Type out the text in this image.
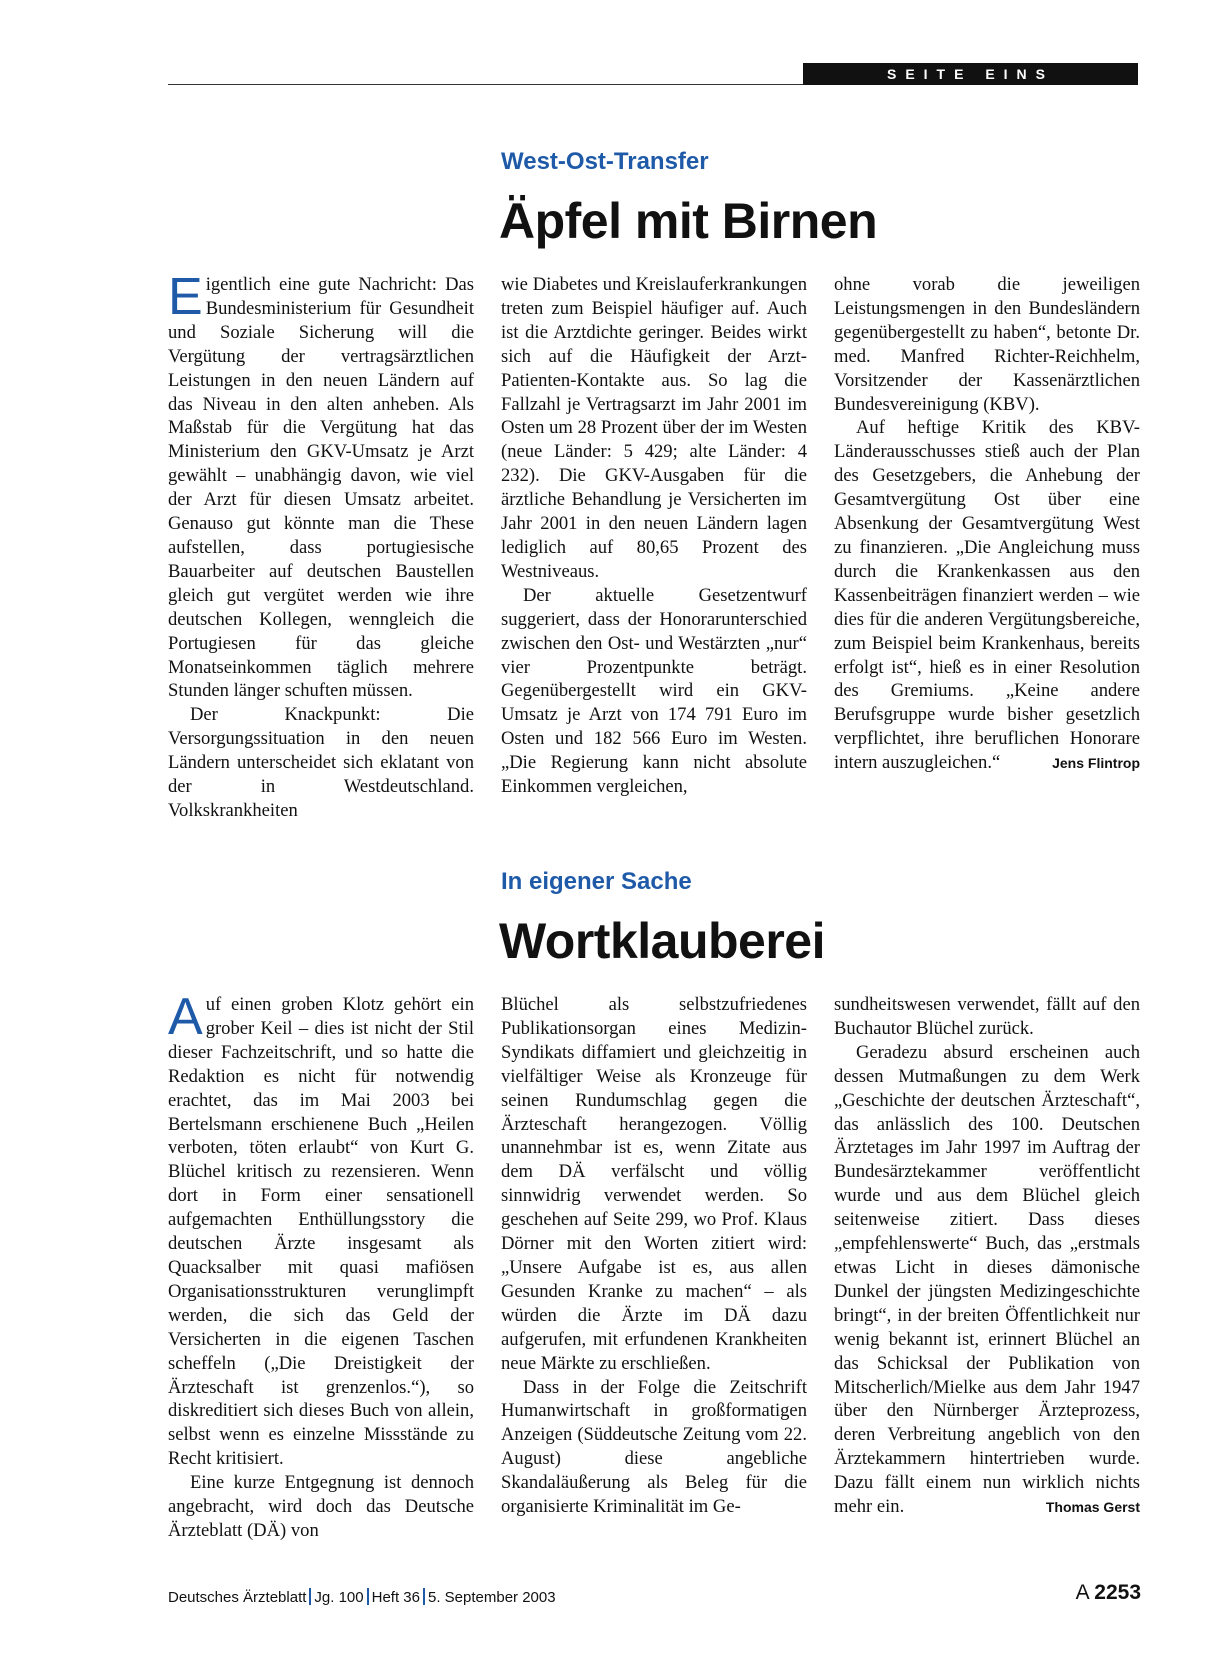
SEITE EINS
West-Ost-Transfer
Äpfel mit Birnen

Eigentlich eine gute Nachricht: Das Bundesministerium für Gesundheit und Soziale Sicherung will die Vergütung der vertragsärztlichen Leistungen in den neuen Ländern auf das Niveau in den alten anheben. Als Maßstab für die Vergütung hat das Ministerium den GKV-Umsatz je Arzt gewählt – unabhängig davon, wie viel der Arzt für diesen Umsatz arbeitet. Genauso gut könnte man die These aufstellen, dass portugiesische Bauarbeiter auf deutschen Baustellen gleich gut vergütet werden wie ihre deutschen Kollegen, wenngleich die Portugiesen für das gleiche Monatseinkommen täglich mehrere Stunden länger schuften müssen.

Der Knackpunkt: Die Versorgungssituation in den neuen Ländern unterscheidet sich eklatant von der in Westdeutschland. Volkskrankheiten

wie Diabetes und Kreislauferkrankungen treten zum Beispiel häufiger auf. Auch ist die Arztdichte geringer. Beides wirkt sich auf die Häufigkeit der Arzt-Patienten-Kontakte aus. So lag die Fallzahl je Vertragsarzt im Jahr 2001 im Osten um 28 Prozent über der im Westen (neue Länder: 5 429; alte Länder: 4 232). Die GKV-Ausgaben für die ärztliche Behandlung je Versicherten im Jahr 2001 in den neuen Ländern lagen lediglich auf 80,65 Prozent des Westniveaus.

Der aktuelle Gesetzentwurf suggeriert, dass der Honorarunterschied zwischen den Ost- und Westärzten „nur“ vier Prozentpunkte beträgt. Gegenübergestellt wird ein GKV-Umsatz je Arzt von 174 791 Euro im Osten und 182 566 Euro im Westen. „Die Regierung kann nicht absolute Einkommen vergleichen,

ohne vorab die jeweiligen Leistungsmengen in den Bundesländern gegenübergestellt zu haben“, betonte Dr. med. Manfred Richter-Reichhelm, Vorsitzender der Kassenärztlichen Bundesvereinigung (KBV).

Auf heftige Kritik des KBV-Länderausschusses stieß auch der Plan des Gesetzgebers, die Anhebung der Gesamtvergütung Ost über eine Absenkung der Gesamtvergütung West zu finanzieren. „Die Angleichung muss durch die Krankenkassen aus den Kassenbeiträgen finanziert werden – wie dies für die anderen Vergütungsbereiche, zum Beispiel beim Krankenhaus, bereits erfolgt ist“, hieß es in einer Resolution des Gremiums. „Keine andere Berufsgruppe wurde bisher gesetzlich verpflichtet, ihre beruflichen Honorare intern auszugleichen.“	Jens Flintrop

In eigener Sache
Wortklauberei

Auf einen groben Klotz gehört ein grober Keil – dies ist nicht der Stil dieser Fachzeitschrift, und so hatte die Redaktion es nicht für notwendig erachtet, das im Mai 2003 bei Bertelsmann erschienene Buch „Heilen verboten, töten erlaubt“ von Kurt G. Blüchel kritisch zu rezensieren. Wenn dort in Form einer sensationell aufgemachten Enthüllungsstory die deutschen Ärzte insgesamt als Quacksalber mit quasi mafiösen Organisationsstrukturen verunglimpft werden, die sich das Geld der Versicherten in die eigenen Taschen scheffeln („Die Dreistigkeit der Ärzteschaft ist grenzenlos.“), so diskreditiert sich dieses Buch von allein, selbst wenn es einzelne Missstände zu Recht kritisiert.

Eine kurze Entgegnung ist dennoch angebracht, wird doch das Deutsche Ärzteblatt (DÄ) von

Blüchel als selbstzufriedenes Publikationsorgan eines Medizin-Syndikats diffamiert und gleichzeitig in vielfältiger Weise als Kronzeuge für seinen Rundumschlag gegen die Ärzteschaft herangezogen. Völlig unannehmbar ist es, wenn Zitate aus dem DÄ verfälscht und völlig sinnwidrig verwendet werden. So geschehen auf Seite 299, wo Prof. Klaus Dörner mit den Worten zitiert wird: „Unsere Aufgabe ist es, aus allen Gesunden Kranke zu machen“ – als würden die Ärzte im DÄ dazu aufgerufen, mit erfundenen Krankheiten neue Märkte zu erschließen.

Dass in der Folge die Zeitschrift Humanwirtschaft in großformatigen Anzeigen (Süddeutsche Zeitung vom 22. August) diese angebliche Skandaläußerung als Beleg für die organisierte Kriminalität im Ge-

sundheitswesen verwendet, fällt auf den Buchautor Blüchel zurück.

Geradezu absurd erscheinen auch dessen Mutmaßungen zu dem Werk „Geschichte der deutschen Ärzteschaft“, das anlässlich des 100. Deutschen Ärztetages im Jahr 1997 im Auftrag der Bundesärztekammer veröffentlicht wurde und aus dem Blüchel gleich seitenweise zitiert. Dass dieses „empfehlenswerte“ Buch, das „erstmals etwas Licht in dieses dämonische Dunkel der jüngsten Medizingeschichte bringt“, in der breiten Öffentlichkeit nur wenig bekannt ist, erinnert Blüchel an das Schicksal der Publikation von Mitscherlich/Mielke aus dem Jahr 1947 über den Nürnberger Ärzteprozess, deren Verbreitung angeblich von den Ärztekammern hintertrieben wurde. Dazu fällt einem nun wirklich nichts mehr ein.	Thomas Gerst

Deutsches Ärzteblatt Jg. 100 Heft 36 5. September 2003	A 2253
